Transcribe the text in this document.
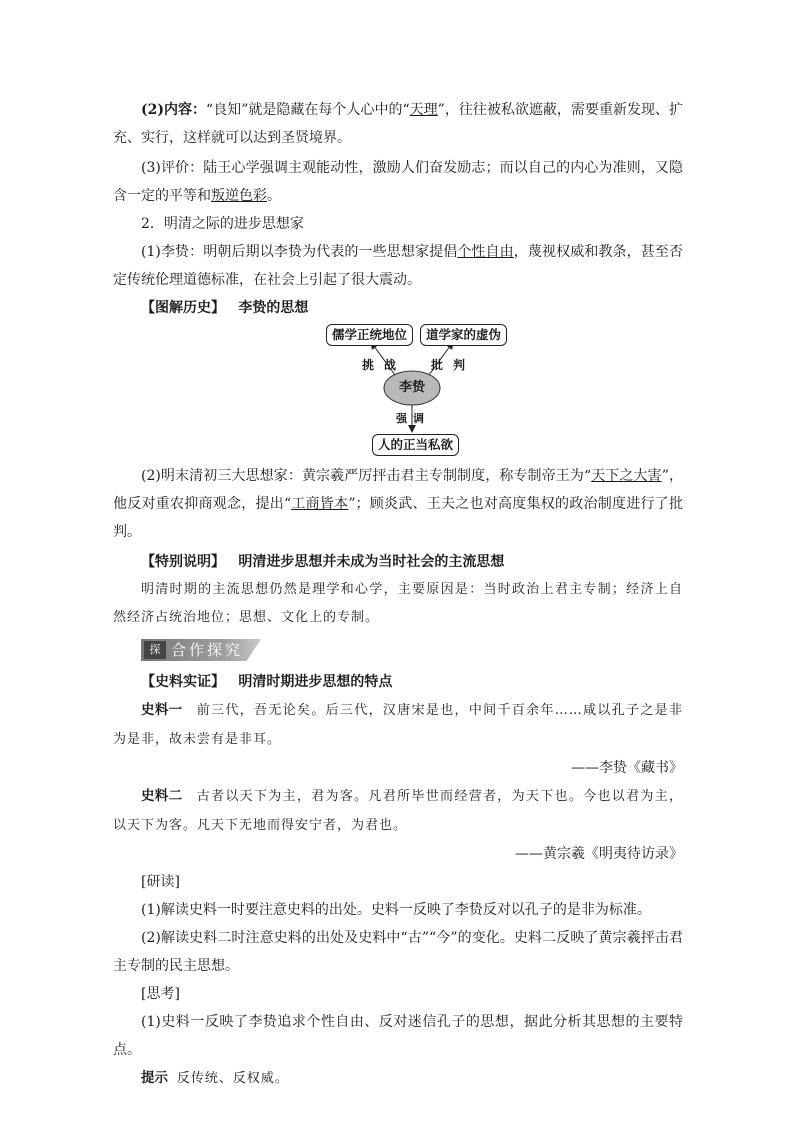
(2)内容：“良知”就是隐藏在每个人心中的“天理”，往往被私欲遮蔽，需要重新发现、扩充、实行，这样就可以达到圣贤境界。

(3)评价：陆王心学强调主观能动性，激励人们奋发励志；而以自己的内心为准则，又隐含一定的平等和叛逆色彩。

2．明清之际的进步思想家

(1)李贽：明朝后期以李贽为代表的一些思想家提倡个性自由，蔑视权威和教条，甚至否定传统伦理道德标准，在社会上引起了很大震动。

【图解历史】 李贽的思想

儒学正统地位	道学家的虚伪
挑战 批判
李贽
强调
人的正当私欲

(2)明末清初三大思想家：黄宗羲严厉抨击君主专制制度，称专制帝王为“天下之大害”，他反对重农抑商观念，提出“工商皆本”；顾炎武、王夫之也对高度集权的政治制度进行了批判。

【特别说明】 明清进步思想并未成为当时社会的主流思想

明清时期的主流思想仍然是理学和心学，主要原因是：当时政治上君主专制；经济上自然经济占统治地位；思想、文化上的专制。

探 合作探究

【史料实证】 明清时期进步思想的特点

史料一 前三代，吾无论矣。后三代，汉唐宋是也，中间千百余年……咸以孔子之是非为是非，故未尝有是非耳。

——李贽《藏书》

史料二 古者以天下为主，君为客。凡君所毕世而经营者，为天下也。今也以君为主，以天下为客。凡天下无地而得安宁者，为君也。

——黄宗羲《明夷待访录》

[研读]

(1)解读史料一时要注意史料的出处。史料一反映了李贽反对以孔子的是非为标准。

(2)解读史料二时注意史料的出处及史料中“古”“今”的变化。史料二反映了黄宗羲抨击君主专制的民主思想。

[思考]

(1)史料一反映了李贽追求个性自由、反对迷信孔子的思想，据此分析其思想的主要特点。

提示 反传统、反权威。
